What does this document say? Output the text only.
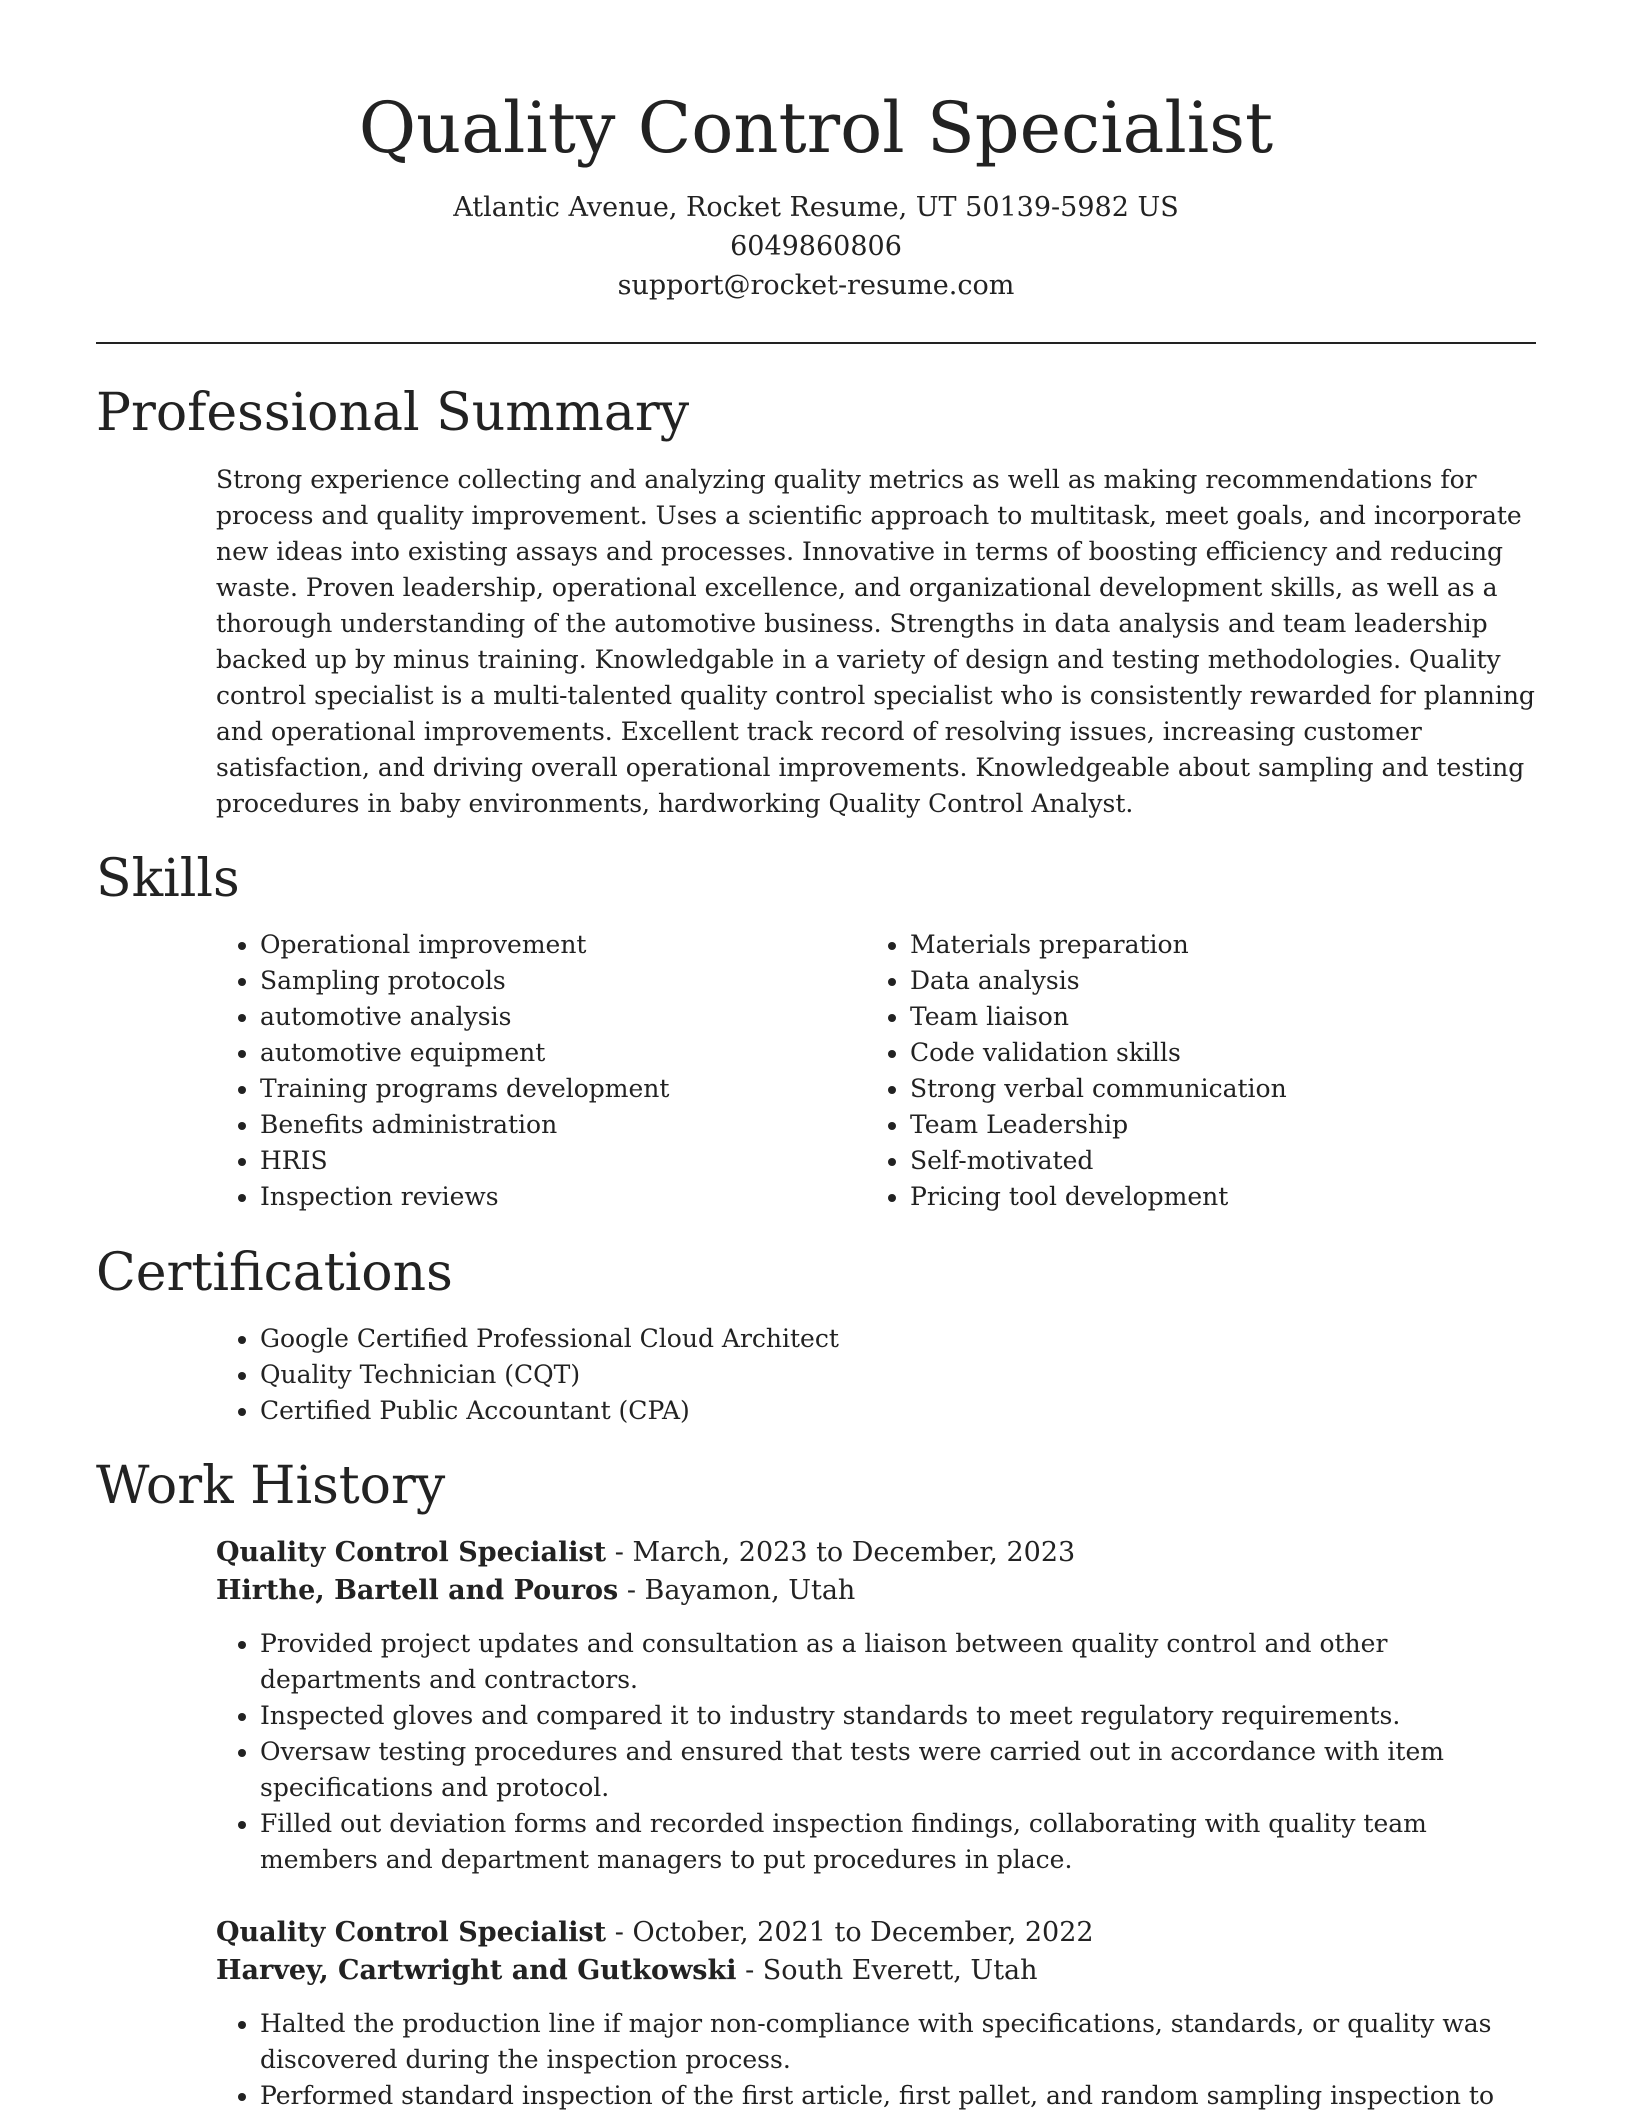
Quality Control Specialist
Atlantic Avenue, Rocket Resume, UT 50139-5982 US
6049860806
support@rocket-resume.com
Professional Summary

Strong experience collecting and analyzing quality metrics as well as making recommendations for process and quality improvement. Uses a scientific approach to multitask, meet goals, and incorporate new ideas into existing assays and processes. Innovative in terms of boosting efficiency and reducing waste. Proven leadership, operational excellence, and organizational development skills, as well as a thorough understanding of the automotive business. Strengths in data analysis and team leadership backed up by minus training. Knowledgable in a variety of design and testing methodologies. Quality control specialist is a multi-talented quality control specialist who is consistently rewarded for planning and operational improvements. Excellent track record of resolving issues, increasing customer satisfaction, and driving overall operational improvements. Knowledgeable about sampling and testing procedures in baby environments, hardworking Quality Control Analyst.

Skills
• Operational improvement
• Sampling protocols
• automotive analysis
• automotive equipment
• Training programs development
• Benefits administration
• HRIS
• Inspection reviews
• Materials preparation
• Data analysis
• Team liaison
• Code validation skills
• Strong verbal communication
• Team Leadership
• Self-motivated
• Pricing tool development
Certifications
• Google Certified Professional Cloud Architect
• Quality Technician (CQT)
• Certified Public Accountant (CPA)
Work History
Quality Control Specialist - March, 2023 to December, 2023
Hirthe, Bartell and Pouros - Bayamon, Utah
• Provided project updates and consultation as a liaison between quality control and other departments and contractors.
• Inspected gloves and compared it to industry standards to meet regulatory requirements.
• Oversaw testing procedures and ensured that tests were carried out in accordance with item specifications and protocol.
• Filled out deviation forms and recorded inspection findings, collaborating with quality team members and department managers to put procedures in place.
Quality Control Specialist - October, 2021 to December, 2022
Harvey, Cartwright and Gutkowski - South Everett, Utah
• Halted the production line if major non-compliance with specifications, standards, or quality was discovered during the inspection process.
• Performed standard inspection of the first article, first pallet, and random sampling inspection to
